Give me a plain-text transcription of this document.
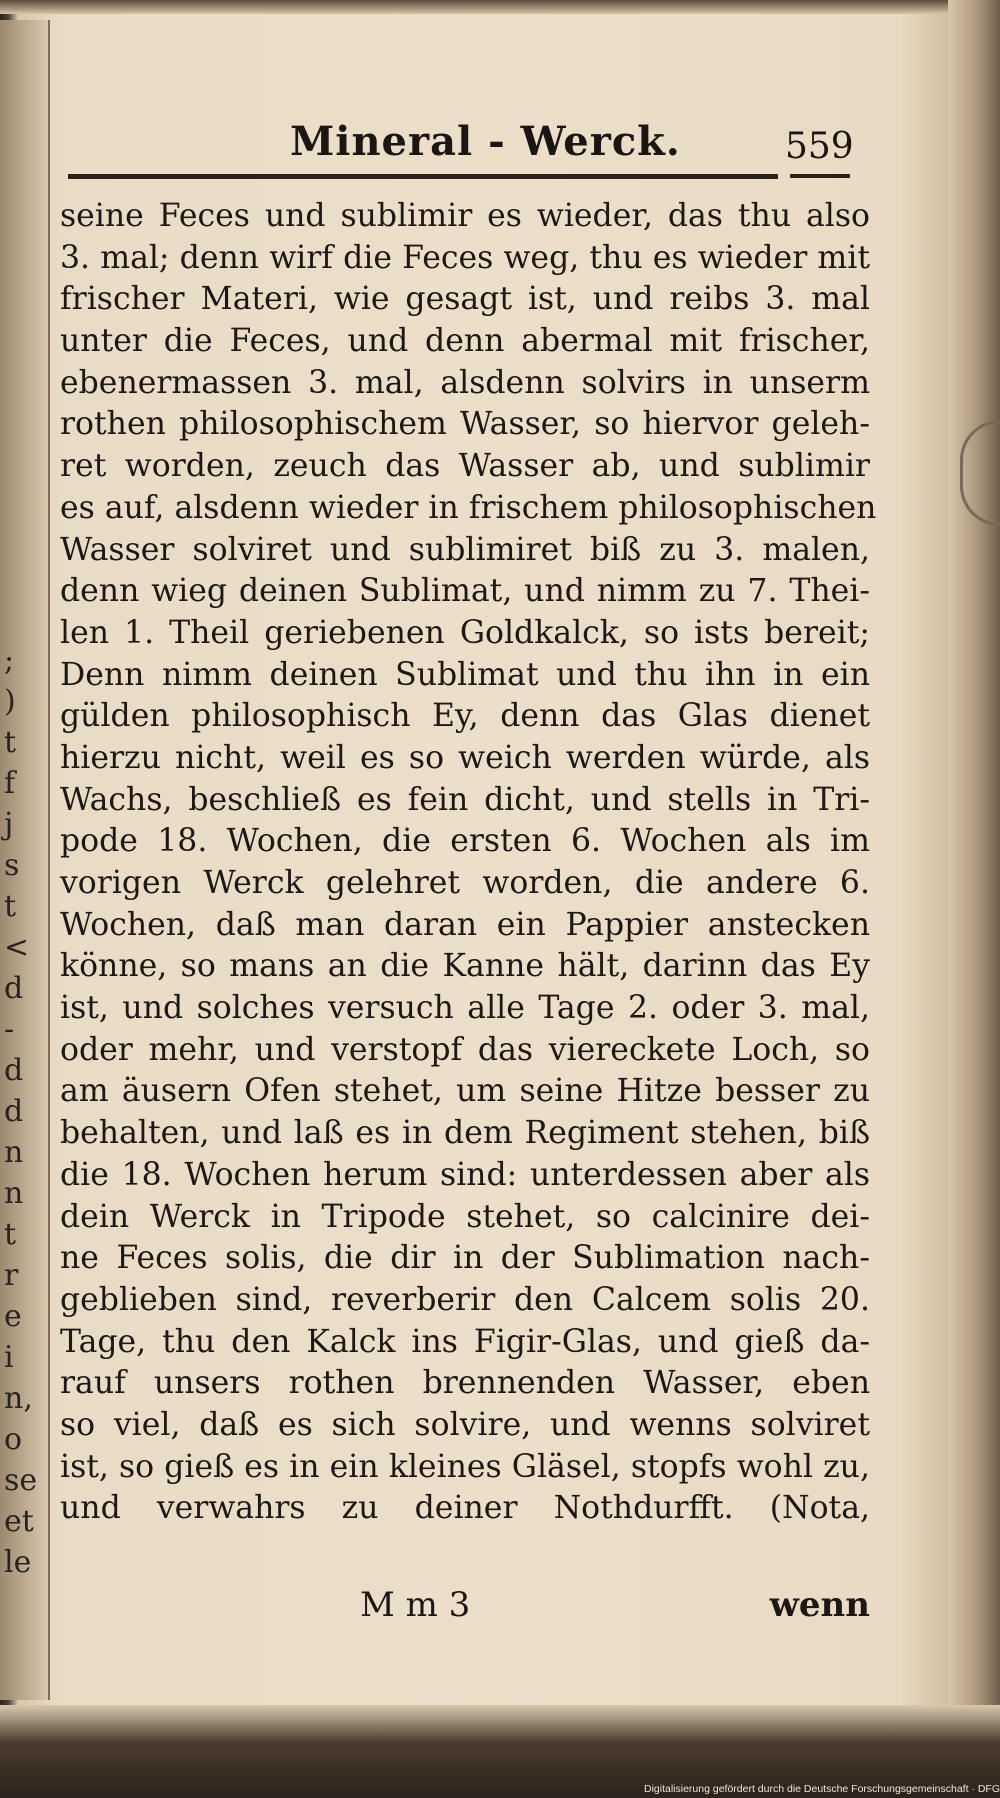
;
)
t
f
j
s
t
<
d
-
d
d
n
n
t
r
e
i
n,
o
se
et
le
Mineral - Werck.	559
seine Feces und sublimir es wieder, das thu also
3. mal; denn wirf die Feces weg, thu es wieder mit
frischer Materi, wie gesagt ist, und reibs 3. mal
unter die Feces, und denn abermal mit frischer,
ebenermassen 3. mal, alsdenn solvirs in unserm
rothen philosophischem Wasser, so hiervor geleh-
ret worden, zeuch das Wasser ab, und sublimir
es auf, alsdenn wieder in frischem philosophischen
Wasser solviret und sublimiret biß zu 3. malen,
denn wieg deinen Sublimat, und nimm zu 7. Thei-
len 1. Theil geriebenen Goldkalck, so ists bereit;
Denn nimm deinen Sublimat und thu ihn in ein
gülden philosophisch Ey, denn das Glas dienet
hierzu nicht, weil es so weich werden würde, als
Wachs, beschließ es fein dicht, und stells in Tri-
pode 18. Wochen, die ersten 6. Wochen als im
vorigen Werck gelehret worden, die andere 6.
Wochen, daß man daran ein Pappier anstecken
könne, so mans an die Kanne hält, darinn das Ey
ist, und solches versuch alle Tage 2. oder 3. mal,
oder mehr, und verstopf das viereckete Loch, so
am äusern Ofen stehet, um seine Hitze besser zu
behalten, und laß es in dem Regiment stehen, biß
die 18. Wochen herum sind: unterdessen aber als
dein Werck in Tripode stehet, so calcinire dei-
ne Feces solis, die dir in der Sublimation nach-
geblieben sind, reverberir den Calcem solis 20.
Tage, thu den Kalck ins Figir-Glas, und gieß da-
rauf unsers rothen brennenden Wasser, eben
so viel, daß es sich solvire, und wenns solviret
ist, so gieß es in ein kleines Gläsel, stopfs wohl zu,
und verwahrs zu deiner Nothdurfft. (Nota,
M m 3	wenn
Digitalisierung gefördert durch die Deutsche Forschungsgemeinschaft · DFG
